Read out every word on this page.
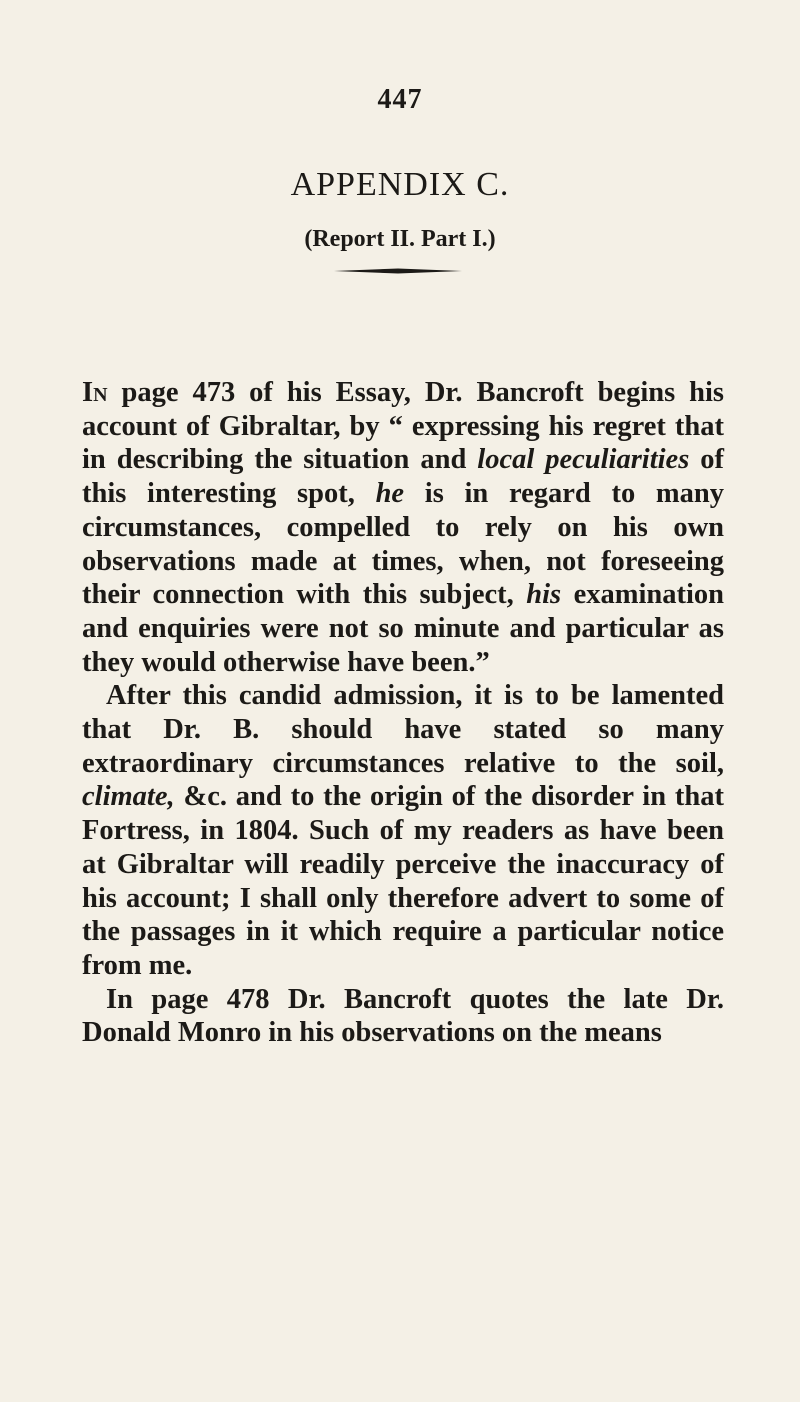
447
APPENDIX C.
(Report II. Part I.)

In page 473 of his Essay, Dr. Bancroft begins his account of Gibraltar, by “ expressing his regret that in describing the situation and local peculiarities of this interesting spot, he is in regard to many circumstances, compelled to rely on his own observations made at times, when, not foreseeing their connection with this subject, his examination and enquiries were not so minute and particular as they would otherwise have been.”

After this candid admission, it is to be lamented that Dr. B. should have stated so many extraordinary circumstances relative to the soil, climate, &c. and to the origin of the disorder in that Fortress, in 1804. Such of my readers as have been at Gibraltar will readily perceive the inaccuracy of his account; I shall only therefore advert to some of the passages in it which require a particular notice from me.

In page 478 Dr. Bancroft quotes the late Dr. Donald Monro in his observations on the means
